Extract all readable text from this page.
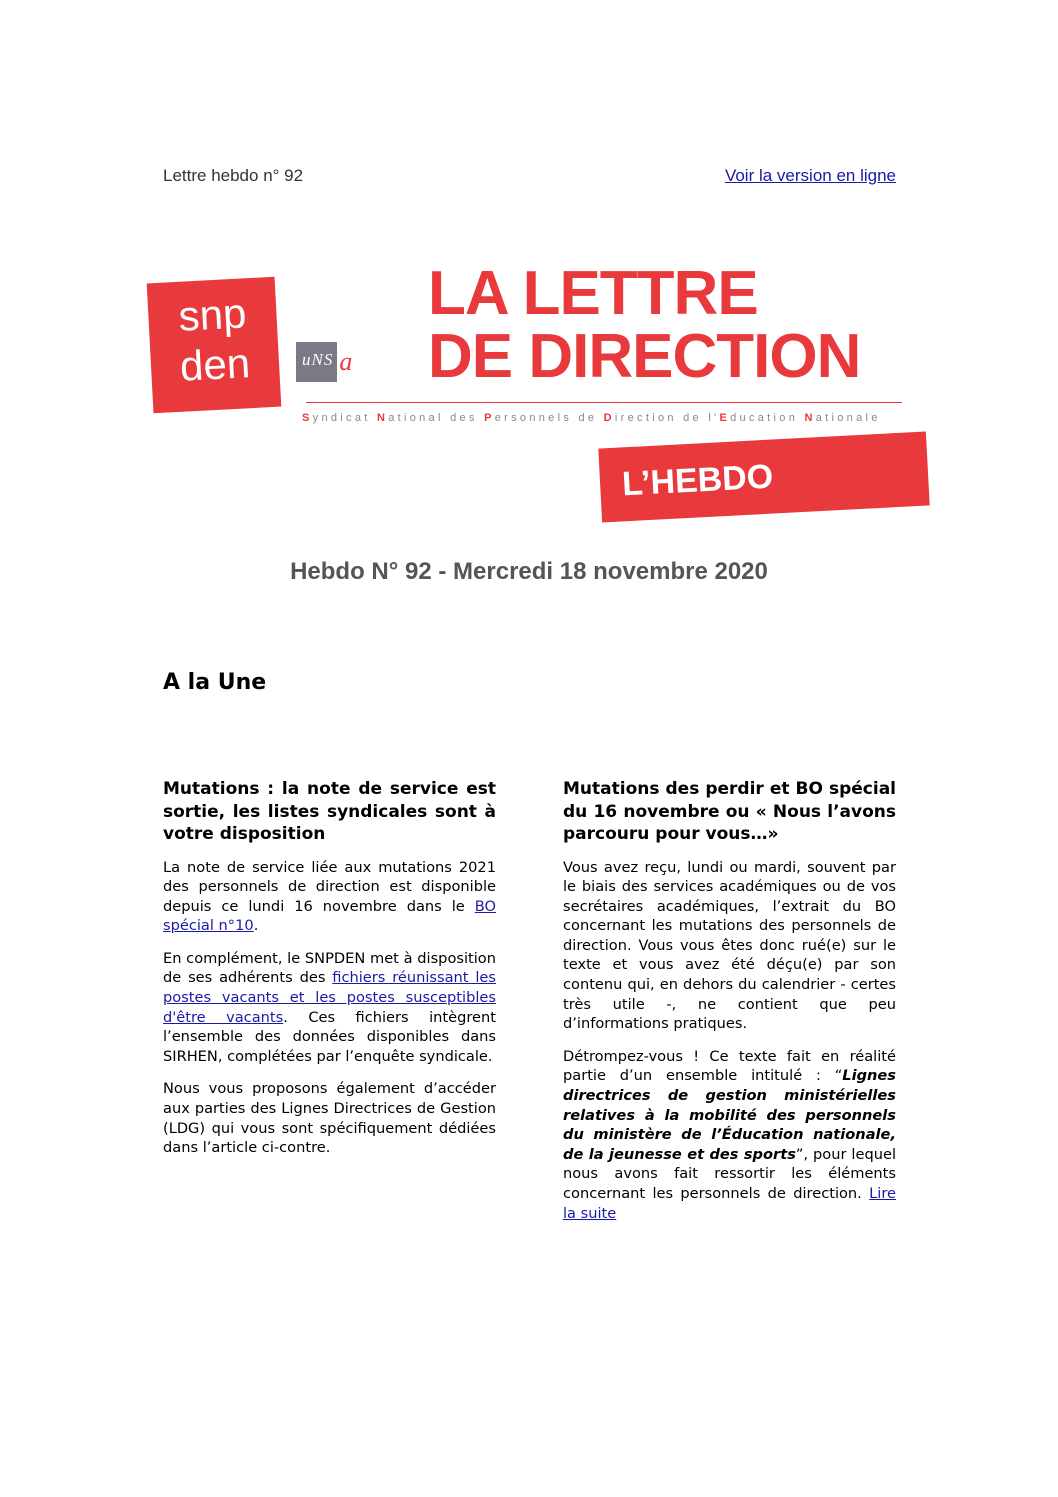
Lettre hebdo n° 92	Voir la version en ligne
snp
den	uNS a
LA LETTRE
DE DIRECTION
Syndicat National des Personnels de Direction de l'Education Nationale
L’HEBDO
Hebdo N° 92 - Mercredi 18 novembre 2020
A la Une
Mutations : la note de service est sortie, les listes syndicales sont à votre disposition

La note de service liée aux mutations 2021 des personnels de direction est disponible depuis ce lundi 16 novembre dans le BO spécial n°10.

En complément, le SNPDEN met à disposition de ses adhérents des fichiers réunissant les postes vacants et les postes susceptibles d'être vacants. Ces fichiers intègrent l’ensemble des données disponibles dans SIRHEN, complétées par l’enquête syndicale.

Nous vous proposons également d’accéder aux parties des Lignes Directrices de Gestion (LDG) qui vous sont spécifiquement dédiées dans l’article ci-contre.

Mutations des perdir et BO spécial du 16 novembre ou « Nous l’avons parcouru pour vous…»

Vous avez reçu, lundi ou mardi, souvent par le biais des services académiques ou de vos secrétaires académiques, l’extrait du BO concernant les mutations des personnels de direction. Vous vous êtes donc rué(e) sur le texte et vous avez été déçu(e) par son contenu qui, en dehors du calendrier - certes très utile -, ne contient que peu d’informations pratiques.

Détrompez-vous ! Ce texte fait en réalité partie d’un ensemble intitulé : “Lignes directrices de gestion ministérielles relatives à la mobilité des personnels du ministère de l’Éducation nationale, de la jeunesse et des sports”, pour lequel nous avons fait ressortir les éléments concernant les personnels de direction. Lire la suite
